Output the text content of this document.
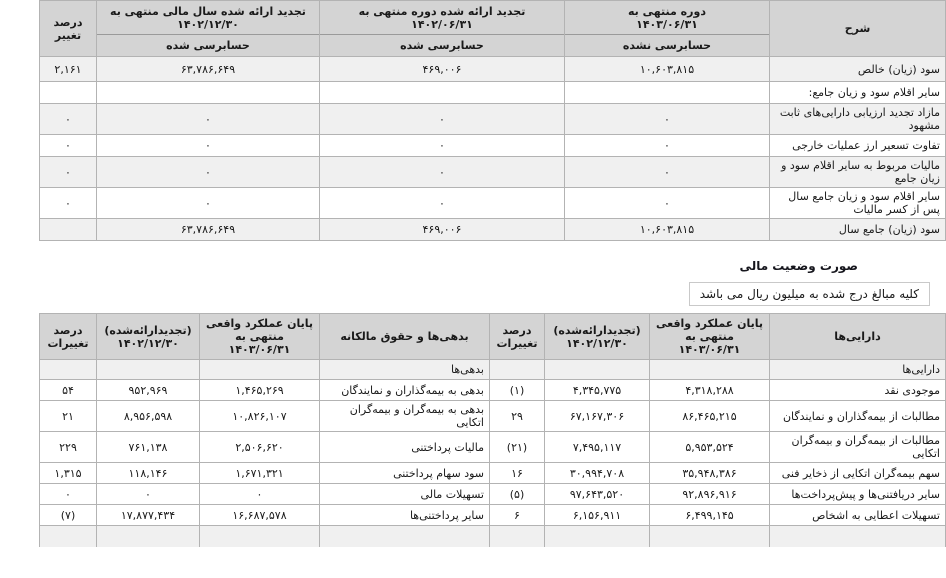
شرح

دوره منتهی به
۱۴۰۳/۰۶/۳۱
حسابرسی نشده

تجدید ارائه شده دوره منتهی به
۱۴۰۲/۰۶/۳۱
حسابرسی شده

تجدید ارائه شده سال مالی منتهی به
۱۴۰۲/۱۲/۳۰
حسابرسی شده

درصد تغییر

سود (زیان) خالص	۱۰,۶۰۳,۸۱۵	۴۶۹,۰۰۶	۶۳,۷۸۶,۶۴۹	۲,۱۶۱
سایر اقلام سود و زیان جامع:				
مازاد تجدید ارزیابی دارایی‌های ثابت مشهود	۰	۰	۰	۰
تفاوت تسعیر ارز عملیات خارجی	۰	۰	۰	۰
مالیات مربوط به سایر اقلام سود و زیان جامع	۰	۰	۰	۰
سایر اقلام سود و زیان جامع سال پس از کسر مالیات	۰	۰	۰	۰
سود (زیان) جامع سال	۱۰,۶۰۳,۸۱۵	۴۶۹,۰۰۶	۶۳,۷۸۶,۶۴۹	
صورت وضعیت مالی
کلیه مبالغ درج شده به میلیون ریال می باشد
دارایی‌ها	پایان عملکرد واقعی منتهی به ۱۴۰۳/۰۶/۳۱	(تجدیدارائه‌شده) ۱۴۰۲/۱۲/۳۰	درصد تغییرات	بدهی‌ها و حقوق مالکانه	پایان عملکرد واقعی منتهی به ۱۴۰۳/۰۶/۳۱	(تجدیدارائه‌شده) ۱۴۰۲/۱۲/۳۰	درصد تغییرات
دارایی‌ها				بدهی‌ها			
موجودی نقد	۴,۳۱۸,۲۸۸	۴,۳۴۵,۷۷۵	(۱)	بدهی به بیمه‌گذاران و نمایندگان	۱,۴۶۵,۲۶۹	۹۵۲,۹۶۹	۵۴
مطالبات از بیمه‌گذاران و نمایندگان	۸۶,۴۶۵,۲۱۵	۶۷,۱۶۷,۳۰۶	۲۹	بدهی به بیمه‌گران و بیمه‌گران اتکایی	۱۰,۸۲۶,۱۰۷	۸,۹۵۶,۵۹۸	۲۱
مطالبات از بیمه‌گران و بیمه‌گران اتکایی	۵,۹۵۳,۵۲۴	۷,۴۹۵,۱۱۷	(۲۱)	مالیات پرداختنی	۲,۵۰۶,۶۲۰	۷۶۱,۱۳۸	۲۲۹
سهم بیمه‌گران اتکایی از ذخایر فنی	۳۵,۹۴۸,۳۸۶	۳۰,۹۹۴,۷۰۸	۱۶	سود سهام پرداختنی	۱,۶۷۱,۳۲۱	۱۱۸,۱۴۶	۱,۳۱۵
سایر دریافتنی‌ها و پیش‌پرداخت‌ها	۹۲,۸۹۶,۹۱۶	۹۷,۶۴۳,۵۲۰	(۵)	تسهیلات مالی	۰	۰	۰
تسهیلات اعطایی به اشخاص	۶,۴۹۹,۱۴۵	۶,۱۵۶,۹۱۱	۶	سایر پرداختنی‌ها	۱۶,۶۸۷,۵۷۸	۱۷,۸۷۷,۴۳۴	(۷)
